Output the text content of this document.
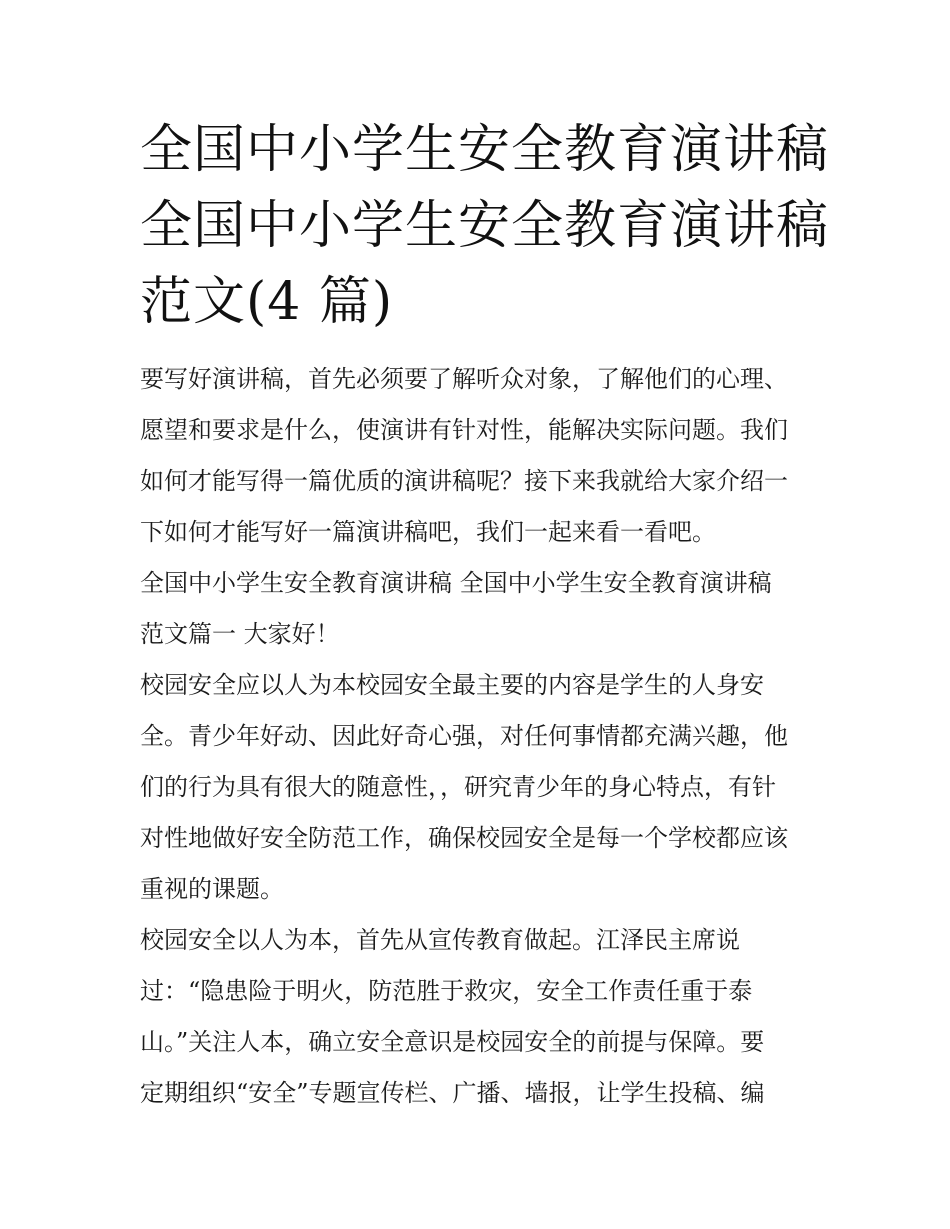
全国中小学生安全教育演讲稿
全国中小学生安全教育演讲稿
范文(4 篇)
要写好演讲稿，首先必须要了解听众对象，了解他们的心理、
愿望和要求是什么，使演讲有针对性，能解决实际问题。我们
如何才能写得一篇优质的演讲稿呢？接下来我就给大家介绍一
下如何才能写好一篇演讲稿吧，我们一起来看一看吧。
全国中小学生安全教育演讲稿 全国中小学生安全教育演讲稿
范文篇一 大家好！
校园安全应以人为本校园安全最主要的内容是学生的人身安
全。青少年好动、因此好奇心强，对任何事情都充满兴趣，他
们的行为具有很大的随意性，，研究青少年的身心特点，有针
对性地做好安全防范工作，确保校园安全是每一个学校都应该
重视的课题。
校园安全以人为本，首先从宣传教育做起。江泽民主席说
过：“隐患险于明火，防范胜于救灾，安全工作责任重于泰
山。”关注人本，确立安全意识是校园安全的前提与保障。要
定期组织“安全”专题宣传栏、广播、墙报，让学生投稿、编
